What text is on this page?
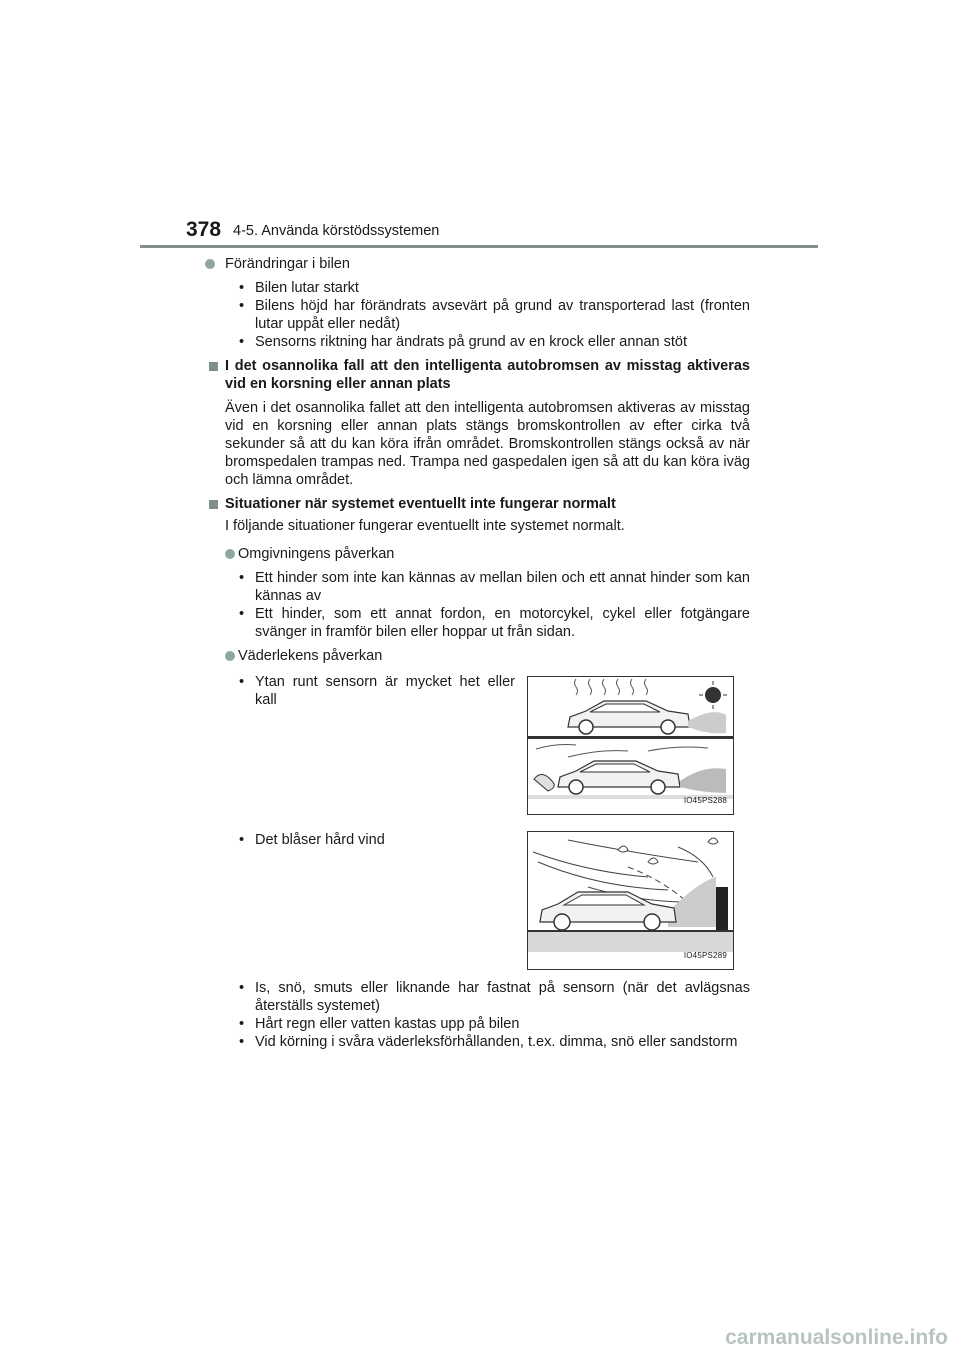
378 4-5. Använda körstödssystemen
Förändringar i bilen
• Bilen lutar starkt
• Bilens höjd har förändrats avsevärt på grund av transporterad last (fronten lutar uppåt eller nedåt)
• Sensorns riktning har ändrats på grund av en krock eller annan stöt
I det osannolika fall att den intelligenta autobromsen av misstag aktiveras vid en korsning eller annan plats
Även i det osannolika fallet att den intelligenta autobromsen aktiveras av misstag vid en korsning eller annan plats stängs bromskontrollen av efter cirka två sekunder så att du kan köra ifrån området. Bromskontrollen stängs också av när bromspedalen trampas ned. Trampa ned gaspedalen igen så att du kan köra iväg och lämna området.
Situationer när systemet eventuellt inte fungerar normalt
I följande situationer fungerar eventuellt inte systemet normalt.
Omgivningens påverkan
• Ett hinder som inte kan kännas av mellan bilen och ett annat hinder som kan kännas av
• Ett hinder, som ett annat fordon, en motorcykel, cykel eller fotgängare svänger in framför bilen eller hoppar ut från sidan.
Väderlekens påverkan
• Ytan runt sensorn är mycket het eller kall
IO45PS288
• Det blåser hård vind
IO45PS289
• Is, snö, smuts eller liknande har fastnat på sensorn (när det avlägsnas återställs systemet)
• Hårt regn eller vatten kastas upp på bilen
• Vid körning i svåra väderleksförhållanden, t.ex. dimma, snö eller sandstorm
carmanualsonline.info
